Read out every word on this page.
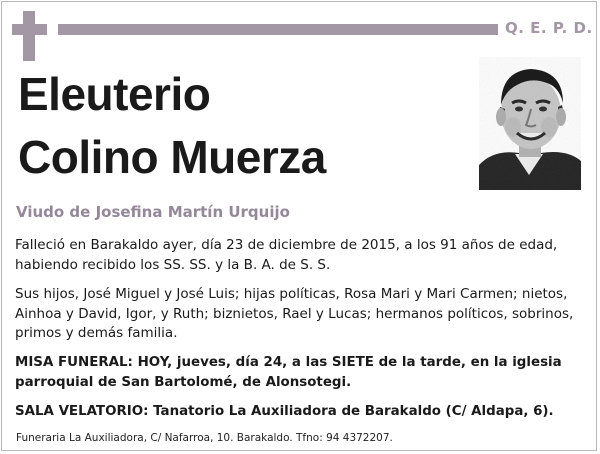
Q. E. P. D.
Eleuterio
Colino Muerza
Viudo de Josefina Martín Urquijo
Falleció en Barakaldo ayer, día 23 de diciembre de 2015, a los 91 años de edad, habiendo recibido los SS. SS. y la B. A. de S. S.
Sus hijos, José Miguel y José Luis; hijas políticas, Rosa Mari y Mari Carmen; nietos, Ainhoa y David, Igor, y Ruth; biznietos, Rael y Lucas; hermanos políticos, sobrinos, primos y demás familia.
MISA FUNERAL: HOY, jueves, día 24, a las SIETE de la tarde, en la iglesia parroquial de San Bartolomé, de Alonsotegi.
SALA VELATORIO: Tanatorio La Auxiliadora de Barakaldo (C/ Aldapa, 6).
Funeraria La Auxiliadora, C/ Nafarroa, 10. Barakaldo. Tfno: 94 4372207.
